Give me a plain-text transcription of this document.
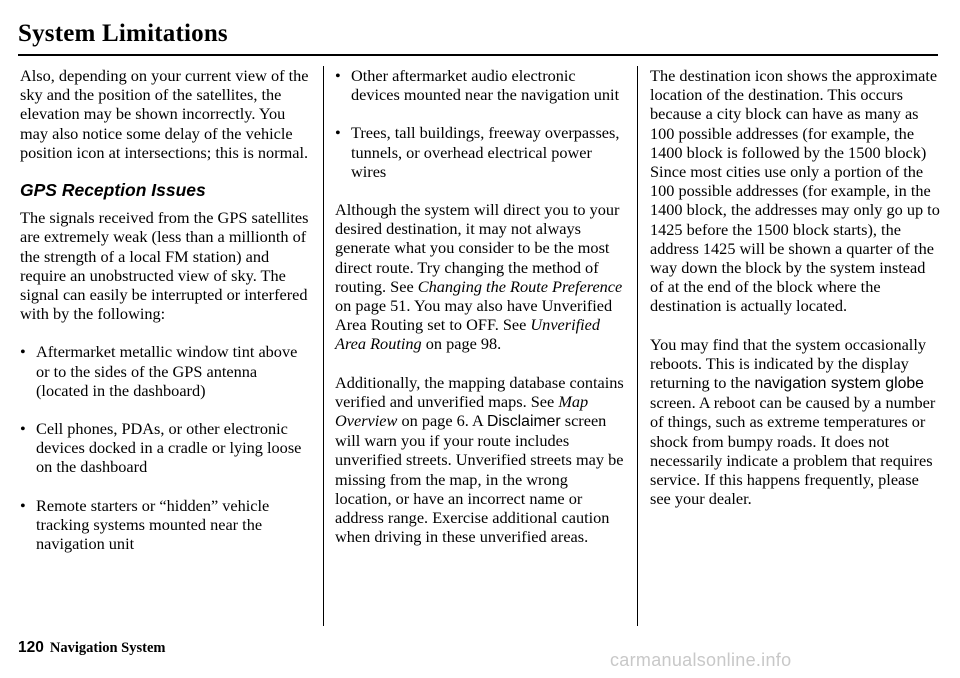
System Limitations

Also, depending on your current view of the sky and the position of the satellites, the elevation may be shown incorrectly. You may also notice some delay of the vehicle position icon at intersections; this is normal.

GPS Reception Issues

The signals received from the GPS satellites are extremely weak (less than a millionth of the strength of a local FM station) and require an unobstructed view of sky. The signal can easily be interrupted or interfered with by the following:

• Aftermarket metallic window tint above or to the sides of the GPS antenna (located in the dashboard)
• Cell phones, PDAs, or other electronic devices docked in a cradle or lying loose on the dashboard
• Remote starters or “hidden” vehicle tracking systems mounted near the navigation unit
• Other aftermarket audio electronic devices mounted near the navigation unit
• Trees, tall buildings, freeway overpasses, tunnels, or overhead electrical power wires

Although the system will direct you to your desired destination, it may not always generate what you consider to be the most direct route. Try changing the method of routing. See Changing the Route Preference on page 51. You may also have Unverified Area Routing set to OFF. See Unverified Area Routing on page 98.

Additionally, the mapping database contains verified and unverified maps. See Map Overview on page 6. A Disclaimer screen will warn you if your route includes unverified streets. Unverified streets may be missing from the map, in the wrong location, or have an incorrect name or address range. Exercise additional caution when driving in these unverified areas.

The destination icon shows the approximate location of the destination. This occurs because a city block can have as many as 100 possible addresses (for example, the 1400 block is followed by the 1500 block) Since most cities use only a portion of the 100 possible addresses (for example, in the 1400 block, the addresses may only go up to 1425 before the 1500 block starts), the address 1425 will be shown a quarter of the way down the block by the system instead of at the end of the block where the destination is actually located.

You may find that the system occasionally reboots. This is indicated by the display returning to the navigation system globe screen. A reboot can be caused by a number of things, such as extreme temperatures or shock from bumpy roads. It does not necessarily indicate a problem that requires service. If this happens frequently, please see your dealer.

120 Navigation System
carmanualsonline.info
